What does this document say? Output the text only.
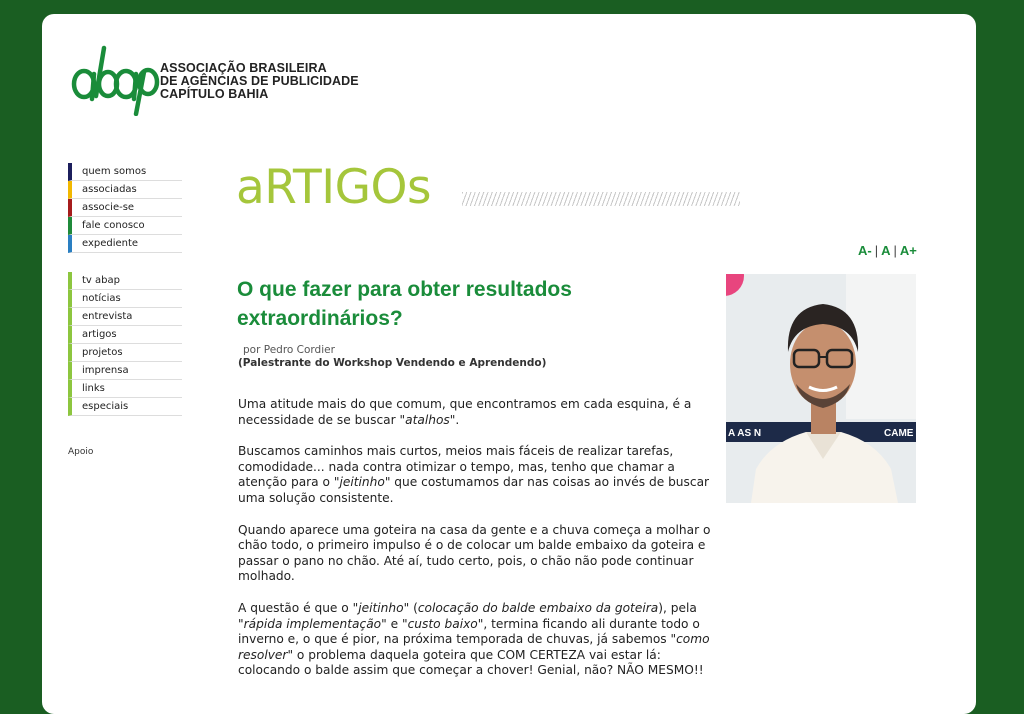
ASSOCIAÇÃO BRASILEIRA
DE AGÊNCIAS DE PUBLICIDADE
CAPÍTULO BAHIA
quem somos
associadas
associe-se
fale conosco
expediente
tv abap
notícias
entrevista
artigos
projetos
imprensa
links
especiais
Apoio
aRTIGOs
A- | A | A+
O que fazer para obter resultados extraordinários?
por Pedro Cordier
(Palestrante do Workshop Vendendo e Aprendendo)

Uma atitude mais do que comum, que encontramos em cada esquina, é a necessidade de se buscar "atalhos".

Buscamos caminhos mais curtos, meios mais fáceis de realizar tarefas, comodidade... nada contra otimizar o tempo, mas, tenho que chamar a atenção para o "jeitinho" que costumamos dar nas coisas ao invés de buscar uma solução consistente.

Quando aparece uma goteira na casa da gente e a chuva começa a molhar o chão todo, o primeiro impulso é o de colocar um balde embaixo da goteira e passar o pano no chão. Até aí, tudo certo, pois, o chão não pode continuar molhado.

A questão é que o "jeitinho" (colocação do balde embaixo da goteira), pela "rápida implementação" e "custo baixo", termina ficando ali durante todo o inverno e, o que é pior, na próxima temporada de chuvas, já sabemos "como resolver" o problema daquela goteira que COM CERTEZA vai estar lá: colocando o balde assim que começar a chover! Genial, não? NÃO MESMO!!

A AS N	CAME
